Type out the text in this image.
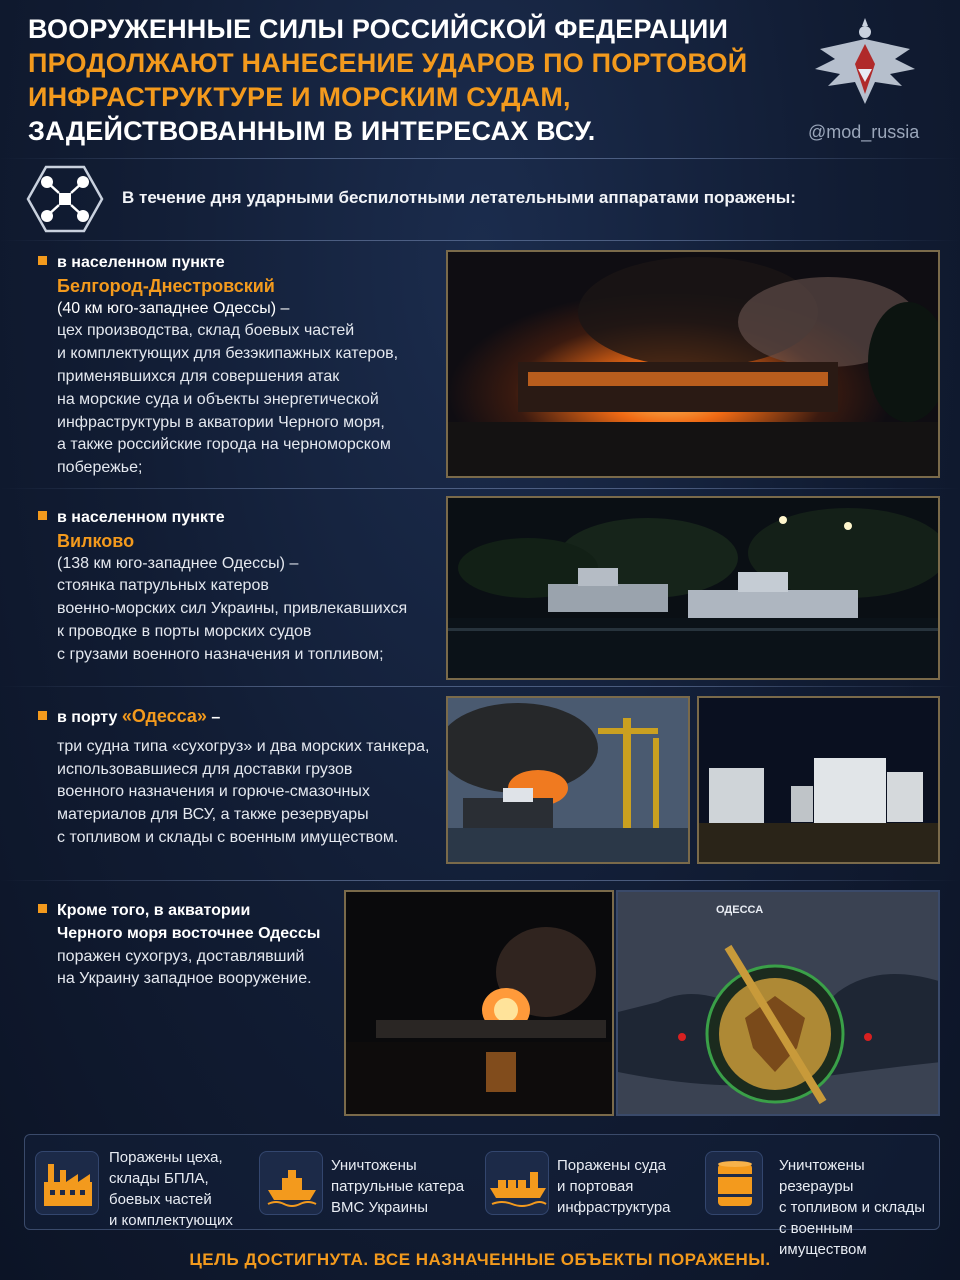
ВООРУЖЕННЫЕ СИЛЫ РОССИЙСКОЙ ФЕДЕРАЦИИ
ПРОДОЛЖАЮТ НАНЕСЕНИЕ УДАРОВ ПО ПОРТОВОЙ
ИНФРАСТРУКТУРЕ И МОРСКИМ СУДАМ,
ЗАДЕЙСТВОВАННЫМ В ИНТЕРЕСАХ ВСУ.	@mod_russia
В течение дня ударными беспилотными летательными аппаратами поражены:
в населенном пункте
Белгород-Днестровский
(40 км юго-западнее Одессы) –
цех производства, склад боевых частей
и комплектующих для безэкипажных катеров,
применявшихся для совершения атак
на морские суда и объекты энергетической
инфраструктуры в акватории Черного моря,
а также российские города на черноморском
побережье;
в населенном пункте
Вилково
(138 км юго-западнее Одессы) –
стоянка патрульных катеров
военно-морских сил Украины, привлекавшихся
к проводке в порты морских судов
с грузами военного назначения и топливом;
в порту «Одесса» –
три судна типа «сухогруз» и два морских танкера,
использовавшиеся для доставки грузов
военного назначения и горюче-смазочных
материалов для ВСУ, а также резервуары
с топливом и склады с военным имуществом.
Кроме того, в акватории
Черного моря восточнее Одессы
поражен сухогруз, доставлявший
на Украину западное вооружение.
ОДЕССА
Поражены цеха,
склады БПЛА,
боевых частей
и комплектующих
Уничтожены
патрульные катера
ВМС Украины
Поражены суда
и портовая
инфраструктура
Уничтожены резерауры
с топливом и склады
с военным имуществом
ЦЕЛЬ ДОСТИГНУТА. ВСЕ НАЗНАЧЕННЫЕ ОБЪЕКТЫ ПОРАЖЕНЫ.
